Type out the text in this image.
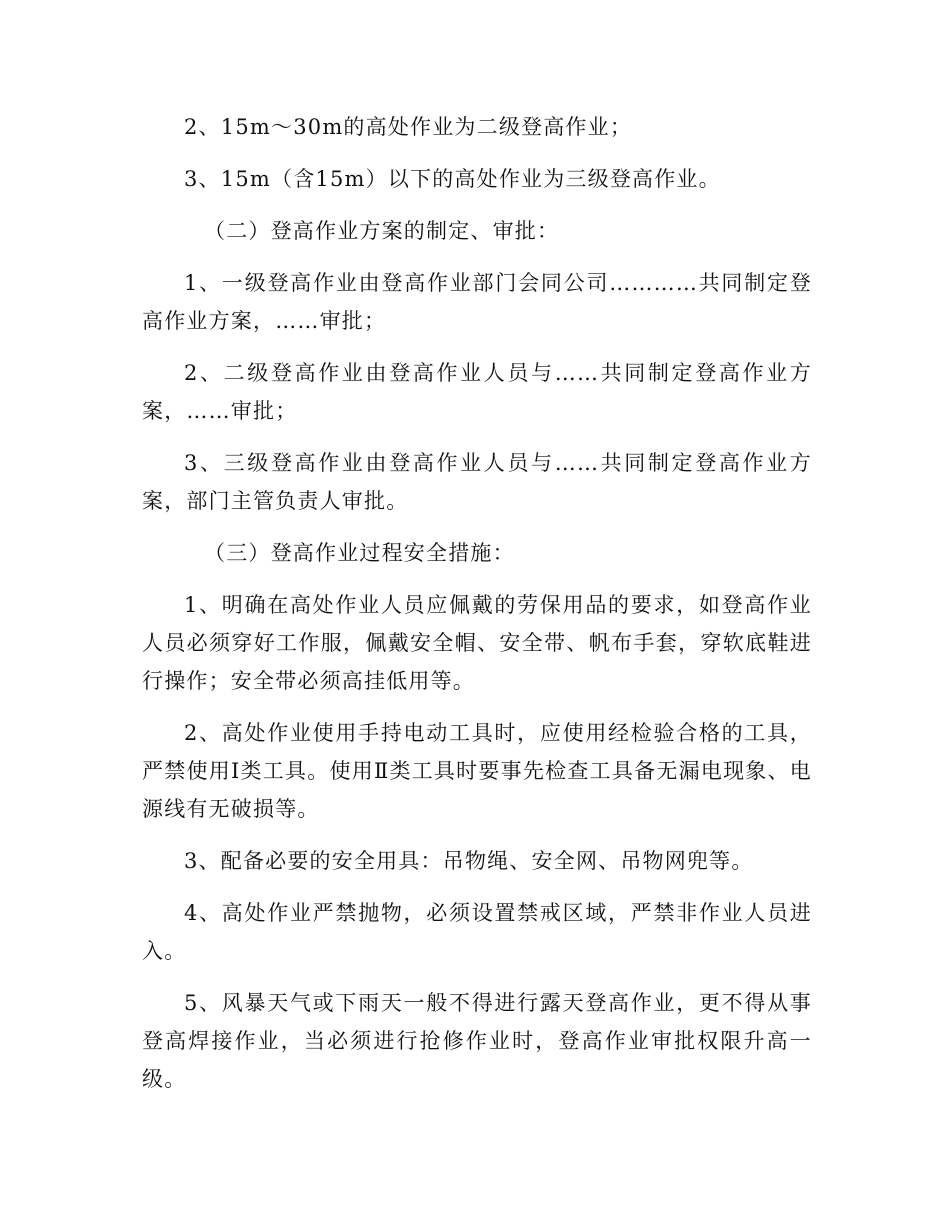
2、15m～30m的高处作业为二级登高作业；

3、15m（含15m）以下的高处作业为三级登高作业。

（二）登高作业方案的制定、审批：

1、一级登高作业由登高作业部门会同公司…………共同制定登高作业方案，……审批；

2、二级登高作业由登高作业人员与……共同制定登高作业方案，……审批；

3、三级登高作业由登高作业人员与……共同制定登高作业方案，部门主管负责人审批。

（三）登高作业过程安全措施：

1、明确在高处作业人员应佩戴的劳保用品的要求，如登高作业人员必须穿好工作服，佩戴安全帽、安全带、帆布手套，穿软底鞋进行操作；安全带必须高挂低用等。

2、高处作业使用手持电动工具时，应使用经检验合格的工具，严禁使用Ⅰ类工具。使用Ⅱ类工具时要事先检查工具备无漏电现象、电源线有无破损等。

3、配备必要的安全用具：吊物绳、安全网、吊物网兜等。

4、高处作业严禁抛物，必须设置禁戒区域，严禁非作业人员进入。

5、风暴天气或下雨天一般不得进行露天登高作业，更不得从事登高焊接作业，当必须进行抢修作业时，登高作业审批权限升高一级。
